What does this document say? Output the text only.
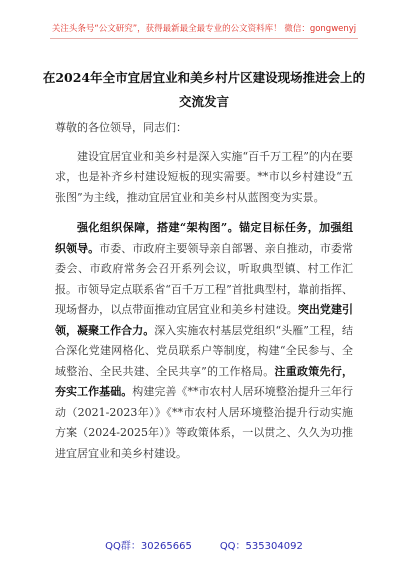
关注头条号“公文研究”，获得最新最全最专业的公文资料库！ 微信：gongwenyj
在2024年全市宜居宜业和美乡村片区建设现场推进会上的交流发言

尊敬的各位领导，同志们：

建设宜居宜业和美乡村是深入实施“百千万工程”的内在要求，也是补齐乡村建设短板的现实需要。**市以乡村建设“五张图”为主线，推动宜居宜业和美乡村从蓝图变为实景。

强化组织保障，搭建“架构图”。锚定目标任务，加强组织领导。市委、市政府主要领导亲自部署、亲自推动，市委常委会、市政府常务会召开系列会议，听取典型镇、村工作汇报。市领导定点联系省“百千万工程”首批典型村，靠前指挥、现场督办，以点带面推动宜居宜业和美乡村建设。突出党建引领，凝聚工作合力。深入实施农村基层党组织“头雁”工程，结合深化党建网格化、党员联系户等制度，构建“全民参与、全域整治、全民共建、全民共享”的工作格局。注重政策先行，夯实工作基础。构建完善《**市农村人居环境整治提升三年行动（2021-2023年）》《**市农村人居环境整治提升行动实施方案（2024-2025年）》等政策体系，一以贯之、久久为功推进宜居宜业和美乡村建设。

QQ群：30265665	QQ：535304092
